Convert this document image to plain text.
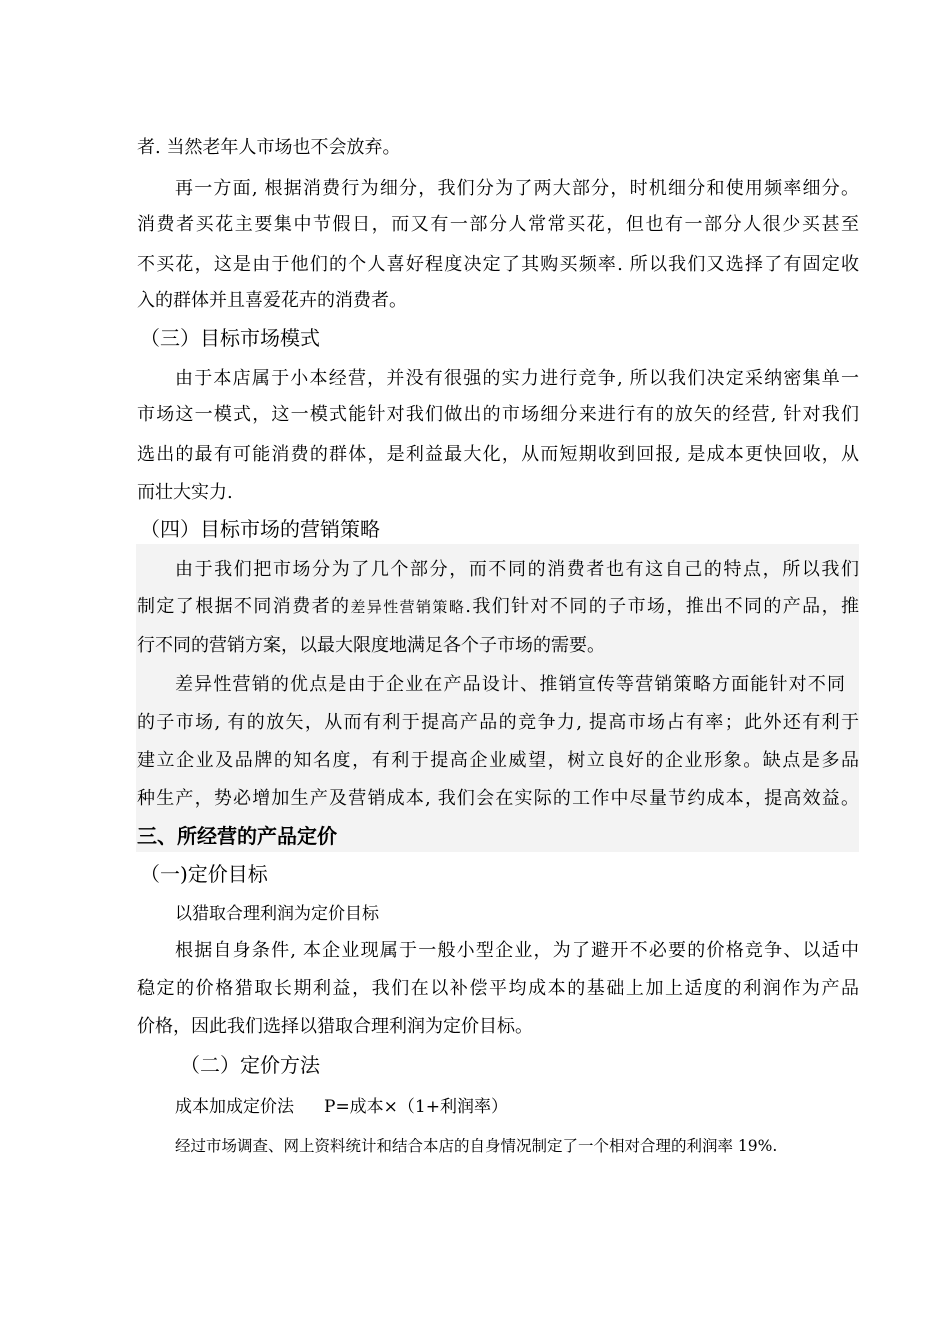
者. 当然老年人市场也不会放弃。
再一方面, 根据消费行为细分，我们分为了两大部分，时机细分和使用频率细分。
消费者买花主要集中节假日，而又有一部分人常常买花，但也有一部分人很少买甚至
不买花，这是由于他们的个人喜好程度决定了其购买频率. 所以我们又选择了有固定收
入的群体并且喜爱花卉的消费者。
（三）目标市场模式
由于本店属于小本经营，并没有很强的实力进行竞争, 所以我们决定采纳密集单一
市场这一模式，这一模式能针对我们做出的市场细分来进行有的放矢的经营, 针对我们
选出的最有可能消费的群体，是利益最大化，从而短期收到回报, 是成本更快回收，从
而壮大实力.
（四）目标市场的营销策略
由于我们把市场分为了几个部分，而不同的消费者也有这自己的特点，所以我们
制定了根据不同消费者的差异性营销策略.我们针对不同的子市场，推出不同的产品，推
行不同的营销方案，以最大限度地满足各个子市场的需要。
差异性营销的优点是由于企业在产品设计、推销宣传等营销策略方面能针对不同
的子市场, 有的放矢，从而有利于提高产品的竞争力, 提高市场占有率；此外还有利于
建立企业及品牌的知名度，有利于提高企业威望，树立良好的企业形象。缺点是多品
种生产，势必增加生产及营销成本, 我们会在实际的工作中尽量节约成本，提高效益。
三、所经营的产品定价
（一)定价目标
以猎取合理利润为定价目标
根据自身条件, 本企业现属于一般小型企业，为了避开不必要的价格竞争、以适中
稳定的价格猎取长期利益，我们在以补偿平均成本的基础上加上适度的利润作为产品
价格，因此我们选择以猎取合理利润为定价目标。
（二）定价方法
成本加成定价法 P=成本×（1+利润率）
经过市场调查、网上资料统计和结合本店的自身情况制定了一个相对合理的利润率 19%.
